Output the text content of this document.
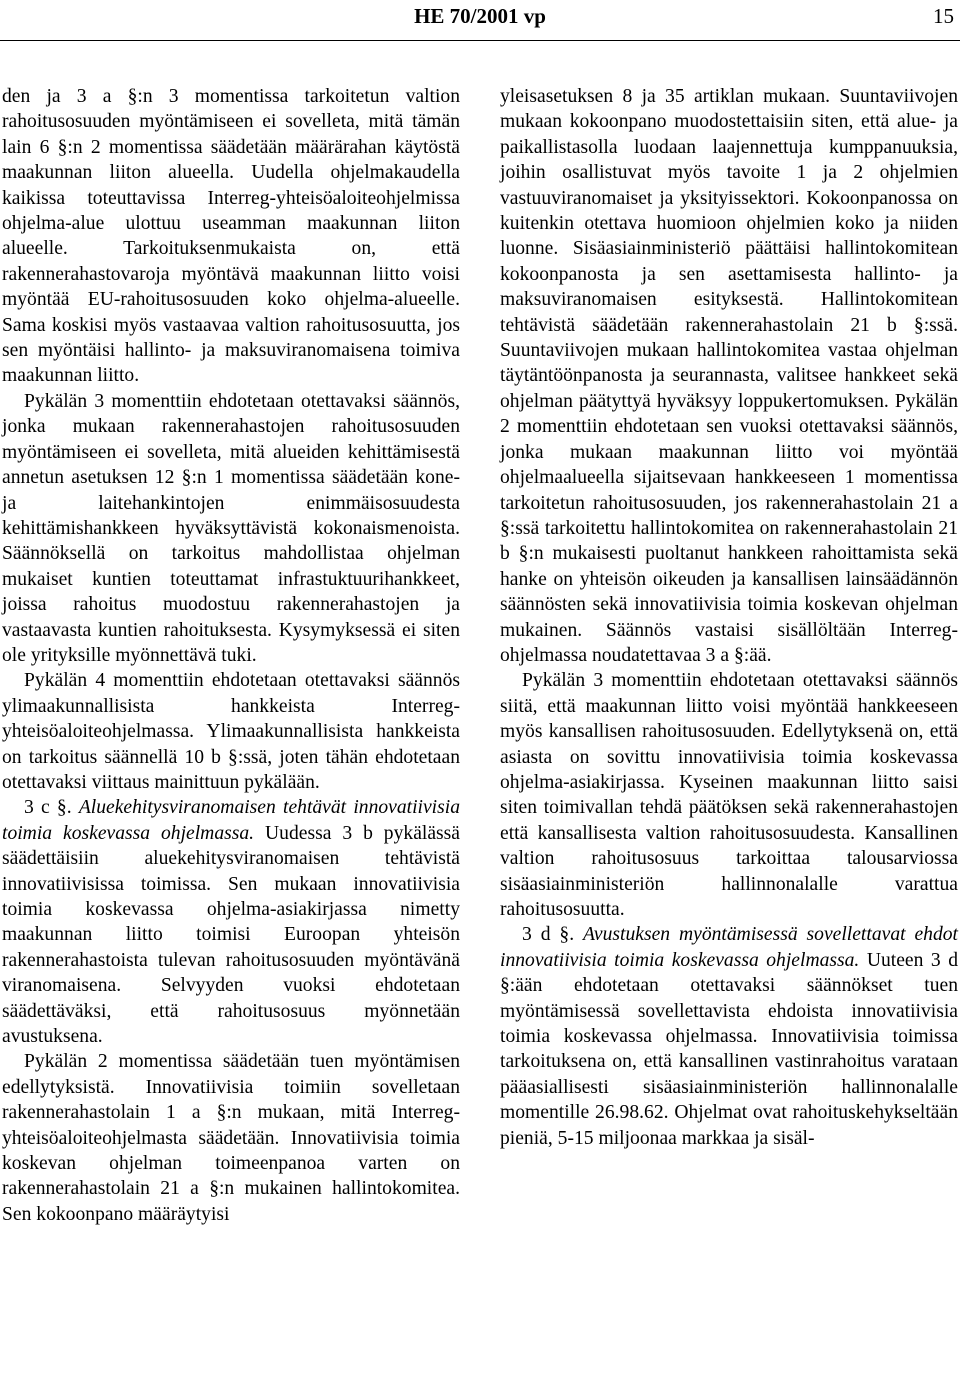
HE 70/2001 vp	15

den ja 3 a §:n 3 momentissa tarkoitetun valtion rahoitusosuuden myöntämiseen ei sovelleta, mitä tämän lain 6 §:n 2 momentissa säädetään määrärahan käytöstä maakunnan liiton alueella. Uudella ohjelmakaudella kaikissa toteuttavissa Interreg-yhteisöaloiteohjelmissa ohjelma-alue ulottuu useamman maakunnan liiton alueelle. Tarkoituksenmukaista on, että rakennerahastovaroja myöntävä maakunnan liitto voisi myöntää EU-rahoitusosuuden koko ohjelma-alueelle. Sama koskisi myös vastaavaa valtion rahoitusosuutta, jos sen myöntäisi hallinto- ja maksuviranomaisena toimiva maakunnan liitto.

Pykälän 3 momenttiin ehdotetaan otettavaksi säännös, jonka mukaan rakennerahastojen rahoitusosuuden myöntämiseen ei sovelleta, mitä alueiden kehittämisestä annetun asetuksen 12 §:n 1 momentissa säädetään kone- ja laitehankintojen enimmäisosuudesta kehittämishankkeen hyväksyttävistä kokonaismenoista. Säännöksellä on tarkoitus mahdollistaa ohjelman mukaiset kuntien toteuttamat infrastuktuurihankkeet, joissa rahoitus muodostuu rakennerahastojen ja vastaavasta kuntien rahoituksesta. Kysymyksessä ei siten ole yrityksille myönnettävä tuki.

Pykälän 4 momenttiin ehdotetaan otettavaksi säännös ylimaakunnallisista hankkeista Interreg-yhteisöaloiteohjelmassa. Ylimaakunnallisista hankkeista on tarkoitus säännellä 10 b §:ssä, joten tähän ehdotetaan otettavaksi viittaus mainittuun pykälään.

3 c §. Aluekehitysviranomaisen tehtävät innovatiivisia toimia koskevassa ohjelmassa. Uudessa 3 b pykälässä säädettäisiin aluekehitysviranomaisen tehtävistä innovatiivisissa toimissa. Sen mukaan innovatiivisia toimia koskevassa ohjelma-asiakirjassa nimetty maakunnan liitto toimisi Euroopan yhteisön rakennerahastoista tulevan rahoitusosuuden myöntävänä viranomaisena. Selvyyden vuoksi ehdotetaan säädettäväksi, että rahoitusosuus myönnetään avustuksena.

Pykälän 2 momentissa säädetään tuen myöntämisen edellytyksistä. Innovatiivisia toimiin sovelletaan rakennerahastolain 1 a §:n mukaan, mitä Interreg-yhteisöaloiteohjelmasta säädetään. Innovatiivisia toimia koskevan ohjelman toimeenpanoa varten on rakennerahastolain 21 a §:n mukainen hallintokomitea. Sen kokoonpano määräytyisi

yleisasetuksen 8 ja 35 artiklan mukaan. Suuntaviivojen mukaan kokoonpano muodostettaisiin siten, että alue- ja paikallistasolla luodaan laajennettuja kumppanuuksia, joihin osallistuvat myös tavoite 1 ja 2 ohjelmien vastuuviranomaiset ja yksityissektori. Kokoonpanossa on kuitenkin otettava huomioon ohjelmien koko ja niiden luonne. Sisäasiainministeriö päättäisi hallintokomitean kokoonpanosta ja sen asettamisesta hallinto- ja maksuviranomaisen esityksestä. Hallintokomitean tehtävistä säädetään rakennerahastolain 21 b §:ssä. Suuntaviivojen mukaan hallintokomitea vastaa ohjelman täytäntöönpanosta ja seurannasta, valitsee hankkeet sekä ohjelman päätyttyä hyväksyy loppukertomuksen. Pykälän 2 momenttiin ehdotetaan sen vuoksi otettavaksi säännös, jonka mukaan maakunnan liitto voi myöntää ohjelmaalueella sijaitsevaan hankkeeseen 1 momentissa tarkoitetun rahoitusosuuden, jos rakennerahastolain 21 a §:ssä tarkoitettu hallintokomitea on rakennerahastolain 21 b §:n mukaisesti puoltanut hankkeen rahoittamista sekä hanke on yhteisön oikeuden ja kansallisen lainsäädännön säännösten sekä innovatiivisia toimia koskevan ohjelman mukainen. Säännös vastaisi sisällöltään Interreg-ohjelmassa noudatettavaa 3 a §:ää.

Pykälän 3 momenttiin ehdotetaan otettavaksi säännös siitä, että maakunnan liitto voisi myöntää hankkeeseen myös kansallisen rahoitusosuuden. Edellytyksenä on, että asiasta on sovittu innovatiivisia toimia koskevassa ohjelma-asiakirjassa. Kyseinen maakunnan liitto saisi siten toimivallan tehdä päätöksen sekä rakennerahastojen että kansallisesta valtion rahoitusosuudesta. Kansallinen valtion rahoitusosuus tarkoittaa talousarviossa sisäasiainministeriön hallinnonalalle varattua rahoitusosuutta.

3 d §. Avustuksen myöntämisessä sovellettavat ehdot innovatiivisia toimia koskevassa ohjelmassa. Uuteen 3 d §:ään ehdotetaan otettavaksi säännökset tuen myöntämisessä sovellettavista ehdoista innovatiivisia toimia koskevassa ohjelmassa. Innovatiivisia toimissa tarkoituksena on, että kansallinen vastinrahoitus varataan pääasiallisesti sisäasiainministeriön hallinnonalalle momentille 26.98.62. Ohjelmat ovat rahoituskehykseltään pieniä, 5-15 miljoonaa markkaa ja sisäl-
